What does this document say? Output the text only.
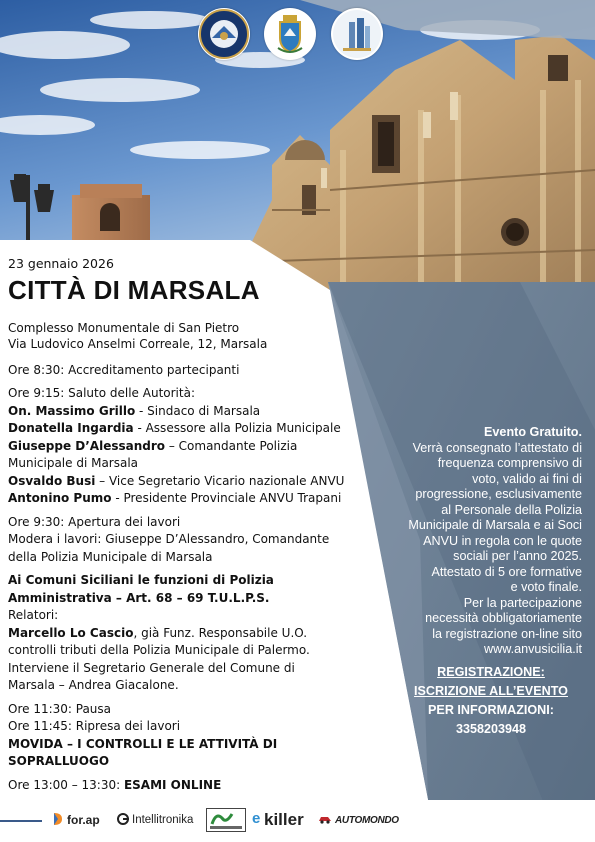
23 gennaio 2026
CITTÀ DI MARSALA
Complesso Monumentale di San Pietro
Via Ludovico Anselmi Correale, 12, Marsala

Ore 8:30: Accreditamento partecipanti

Ore 9:15: Saluto delle Autorità:

On. Massimo Grillo - Sindaco di Marsala

Donatella Ingardia - Assessore alla Polizia Municipale

Giuseppe D’Alessandro – Comandante Polizia

Municipale di Marsala

Osvaldo Busi – Vice Segretario Vicario nazionale ANVU

Antonino Pumo - Presidente Provinciale ANVU Trapani

Ore 9:30: Apertura dei lavori

Modera i lavori: Giuseppe D’Alessandro, Comandante

della Polizia Municipale di Marsala

Ai Comuni Siciliani le funzioni di Polizia

Amministrativa – Art. 68 – 69 T.U.L.P.S.

Relatori:

Marcello Lo Cascio, già Funz. Responsabile U.O.

controlli tributi della Polizia Municipale di Palermo.

Interviene il Segretario Generale del Comune di

Marsala – Andrea Giacalone.

Ore 11:30: Pausa

Ore 11:45: Ripresa dei lavori

MOVIDA – I CONTROLLI E LE ATTIVITÀ DI

SOPRALLUOGO

Ore 13:00 – 13:30: ESAMI ONLINE

Evento Gratuito.
Verrà consegnato l’attestato di
frequenza comprensivo di
voto, valido ai fini di
progressione, esclusivamente
al Personale della Polizia
Municipale di Marsala e ai Soci
ANVU in regola con le quote
sociali per l’anno 2025.
Attestato di 5 ore formative
e voto finale.
Per la partecipazione
necessità obbligatoriamente
la registrazione on-line sito
www.anvusicilia.it
REGISTRAZIONE:
ISCRIZIONE ALL’EVENTO
PER INFORMAZIONI:
3358203948
for.ap	Intellitronika	e killer	AUTOMONDO
